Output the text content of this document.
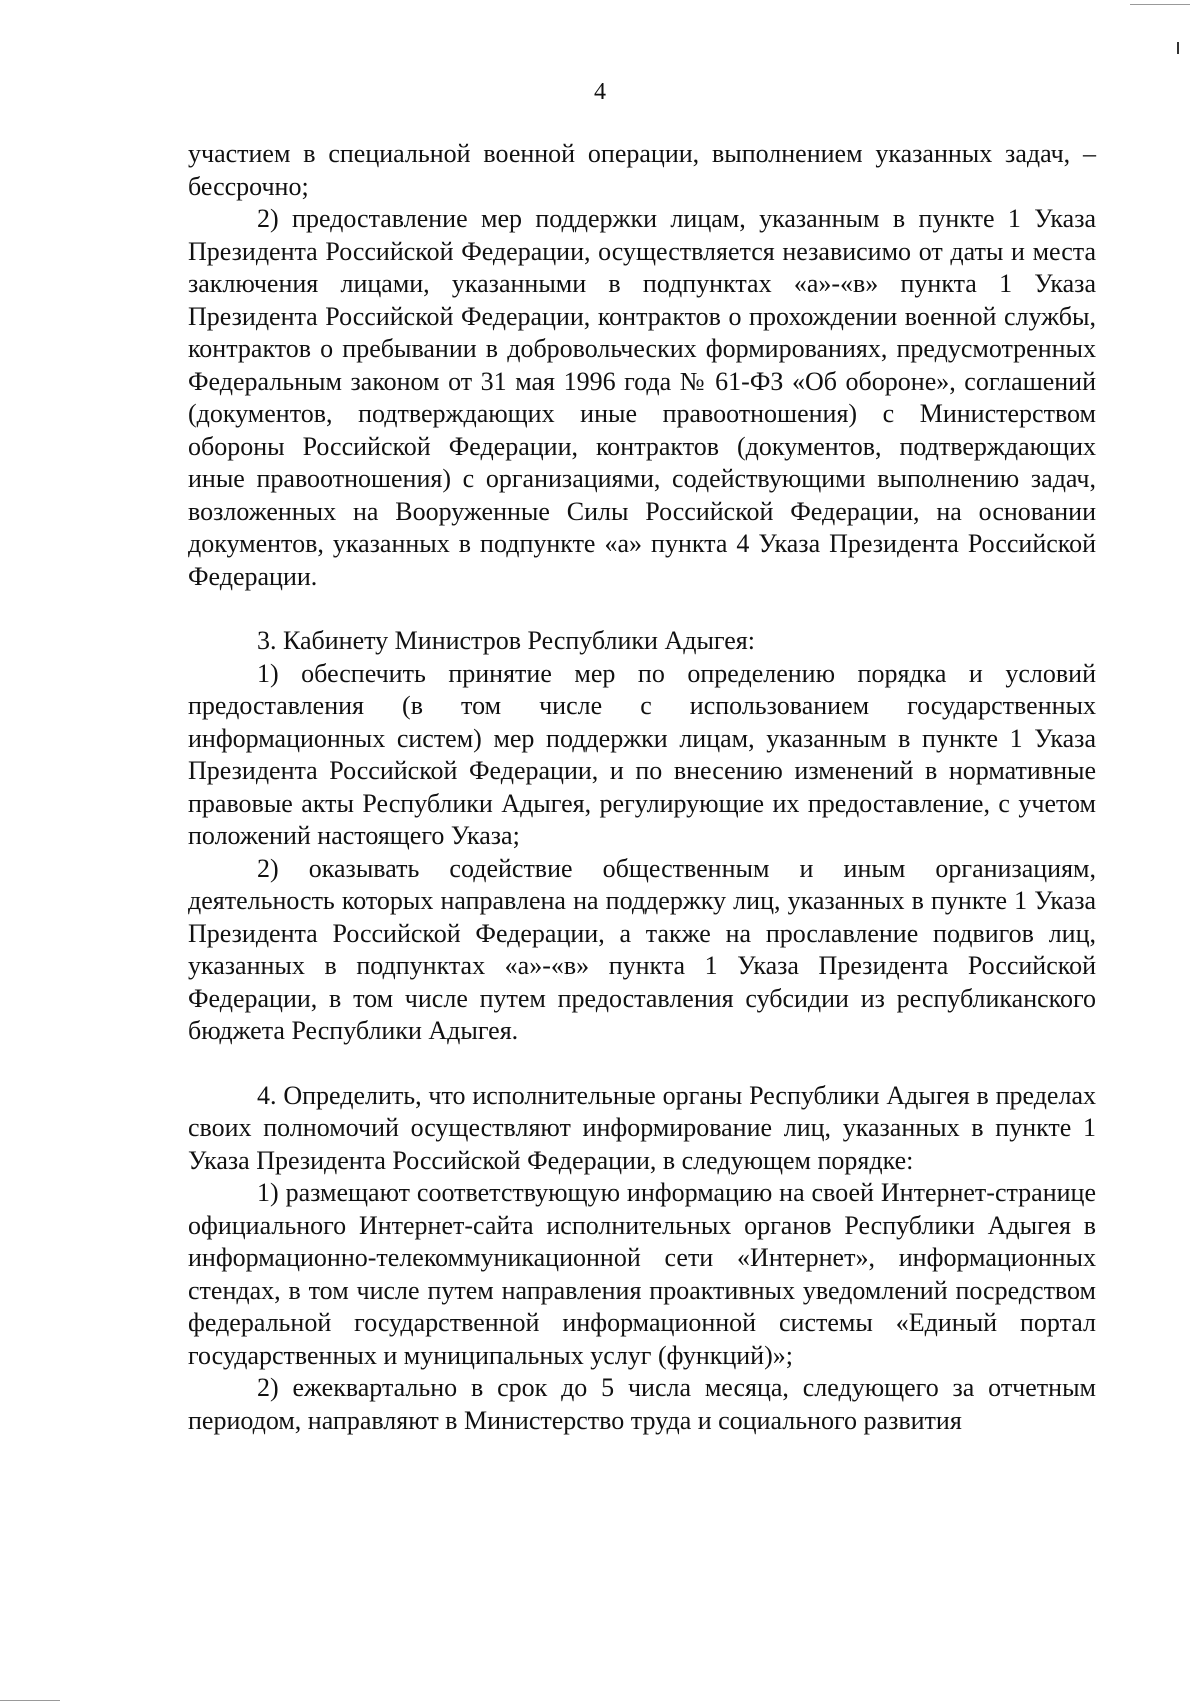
4

участием в специальной военной операции, выполнением указанных задач, – бессрочно;

2) предоставление мер поддержки лицам, указанным в пункте 1 Указа Президента Российской Федерации, осуществляется независимо от даты и места заключения лицами, указанными в подпунктах «а»-«в» пункта 1 Указа Президента Российской Федерации, контрактов о прохождении военной службы, контрактов о пребывании в добровольческих формированиях, предусмотренных Федеральным законом от 31 мая 1996 года № 61-ФЗ «Об обороне», соглашений (документов, подтверждающих иные правоотношения) с Министерством обороны Российской Федерации, контрактов (документов, подтверждающих иные правоотношения) с организациями, содействующими выполнению задач, возложенных на Вооруженные Силы Российской Федерации, на основании документов, указанных в подпункте «а» пункта 4 Указа Президента Российской Федерации.

3. Кабинету Министров Республики Адыгея:

1) обеспечить принятие мер по определению порядка и условий предоставления (в том числе с использованием государственных информационных систем) мер поддержки лицам, указанным в пункте 1 Указа Президента Российской Федерации, и по внесению изменений в нормативные правовые акты Республики Адыгея, регулирующие их предоставление, с учетом положений настоящего Указа;

2) оказывать содействие общественным и иным организациям, деятельность которых направлена на поддержку лиц, указанных в пункте 1 Указа Президента Российской Федерации, а также на прославление подвигов лиц, указанных в подпунктах «а»-«в» пункта 1 Указа Президента Российской Федерации, в том числе путем предоставления субсидии из республиканского бюджета Республики Адыгея.

4. Определить, что исполнительные органы Республики Адыгея в пределах своих полномочий осуществляют информирование лиц, указанных в пункте 1 Указа Президента Российской Федерации, в следующем порядке:

1) размещают соответствующую информацию на своей Интернет-странице официального Интернет-сайта исполнительных органов Республики Адыгея в информационно-телекоммуникационной сети «Интернет», информационных стендах, в том числе путем направления проактивных уведомлений посредством федеральной государственной информационной системы «Единый портал государственных и муниципальных услуг (функций)»;

2) ежеквартально в срок до 5 числа месяца, следующего за отчетным периодом, направляют в Министерство труда и социального развития
